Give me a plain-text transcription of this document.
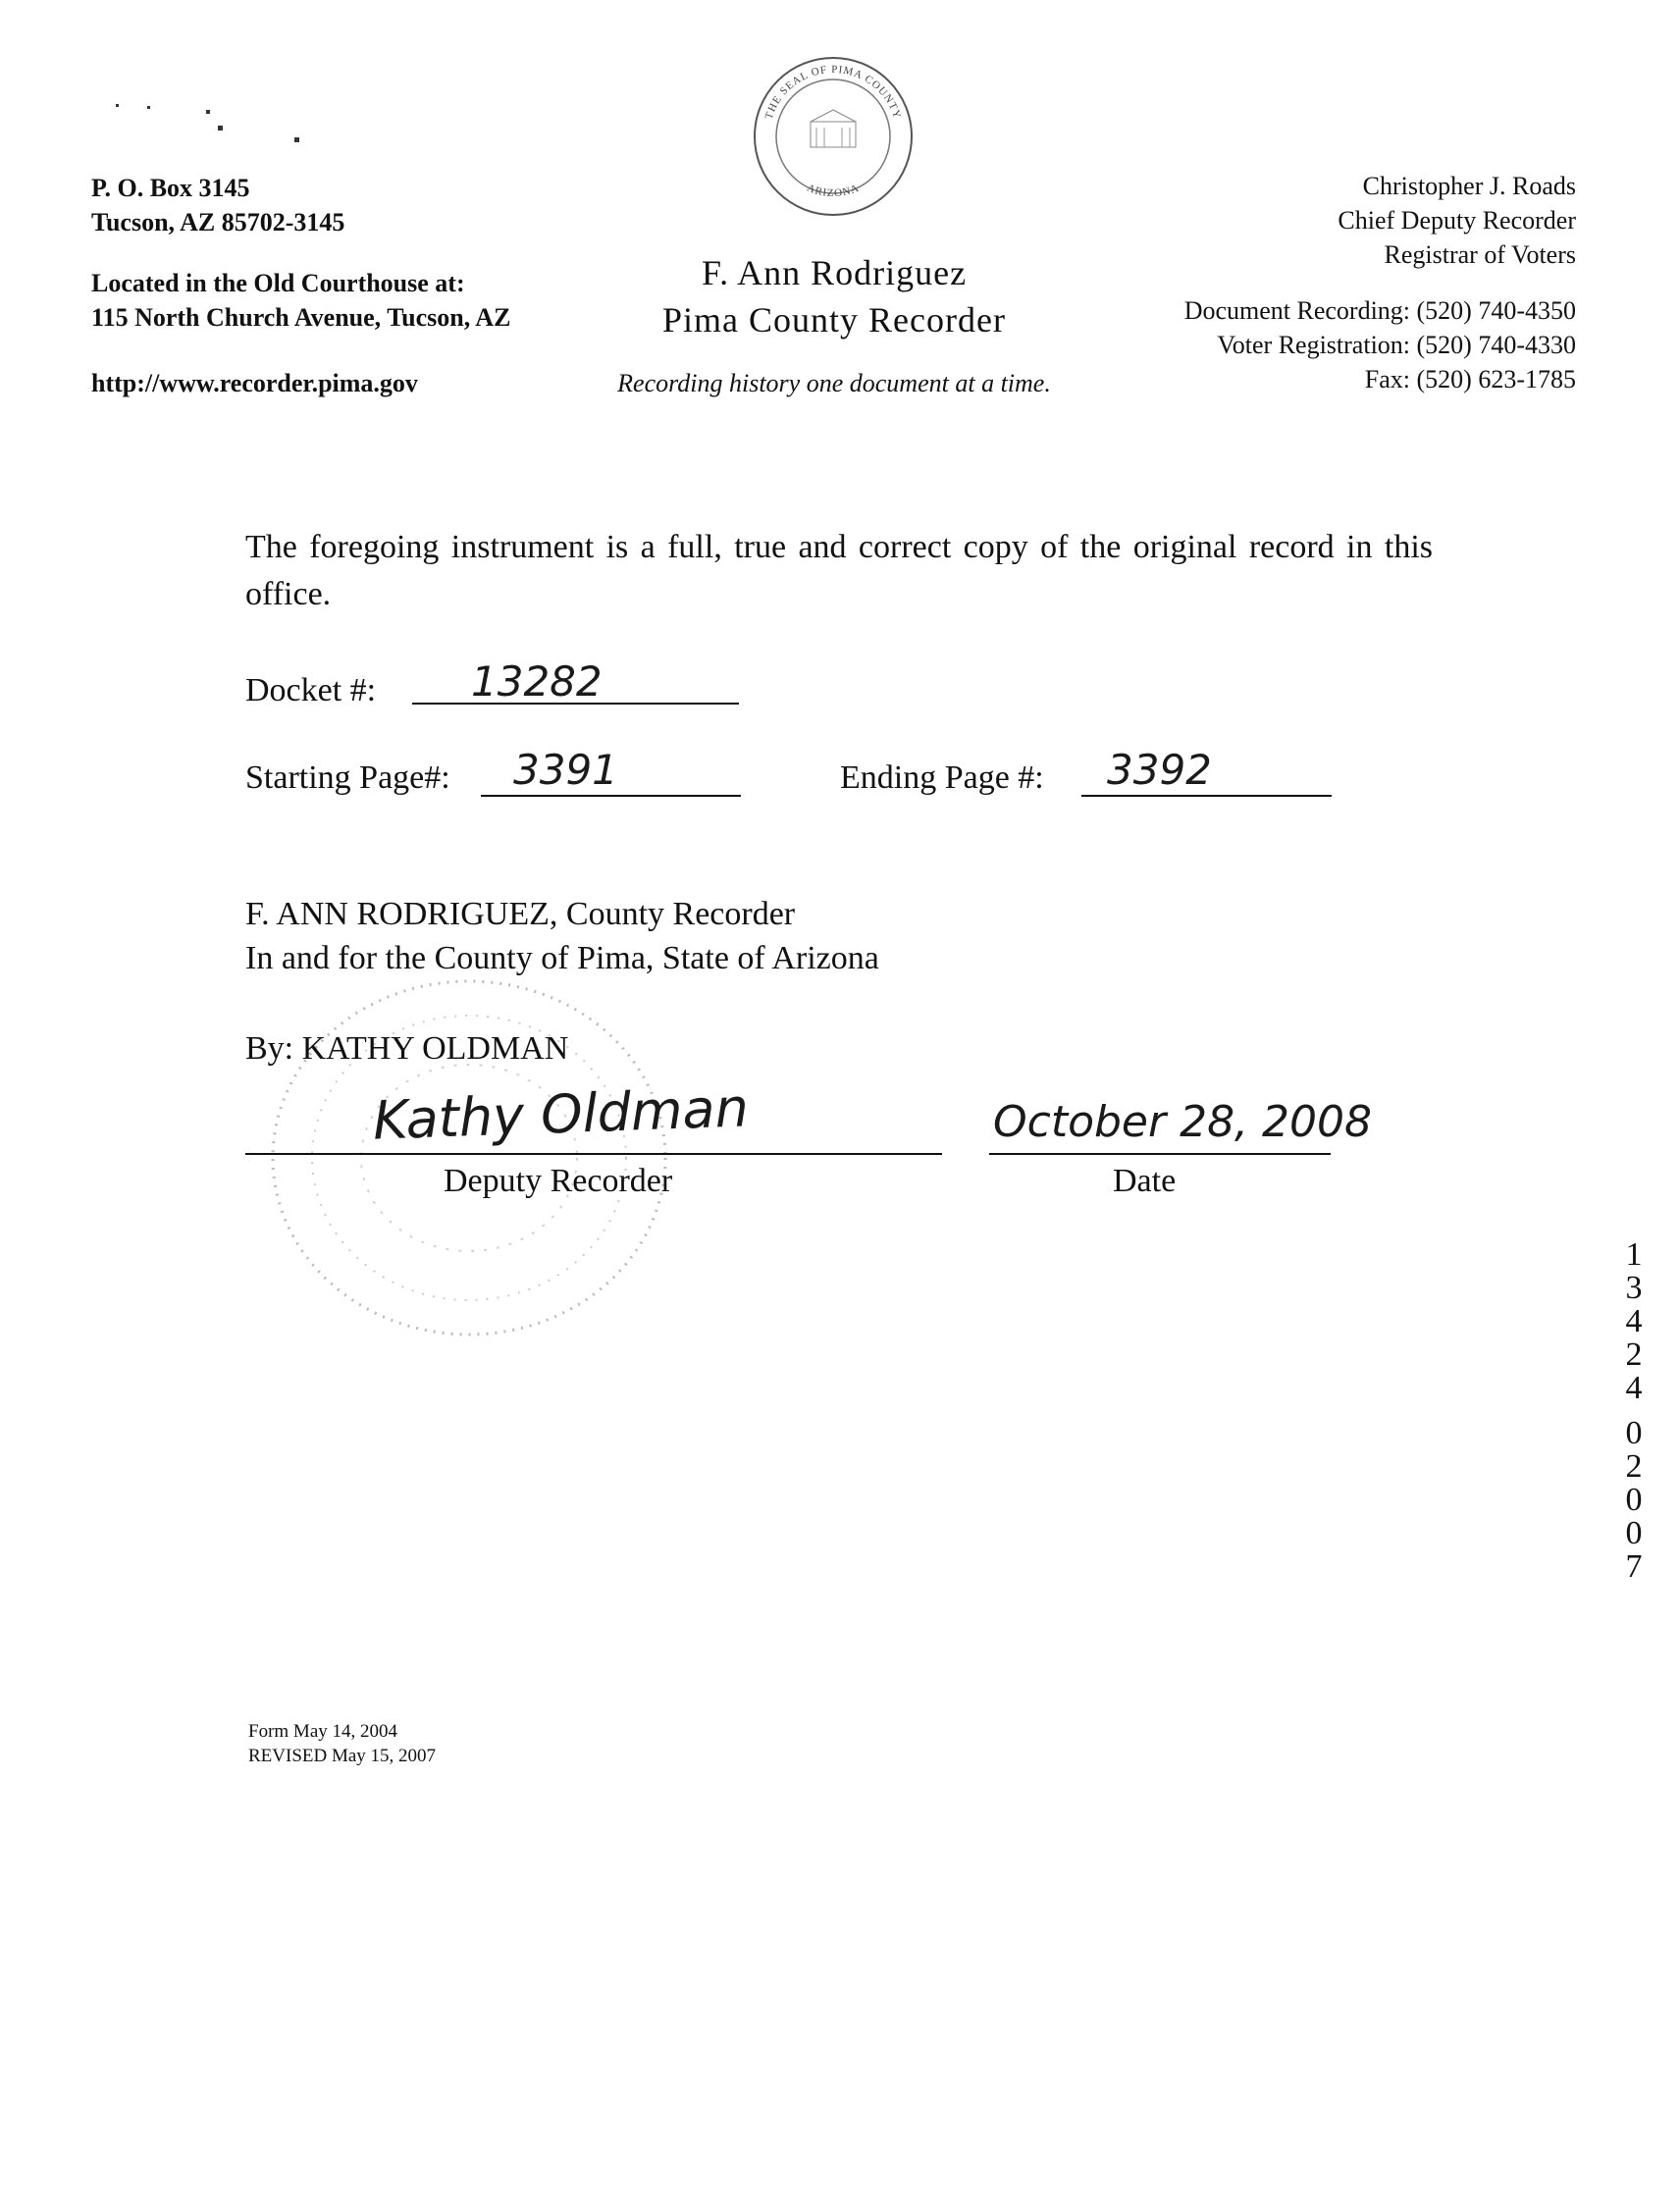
P. O. Box 3145
Tucson, AZ 85702-3145
Located in the Old Courthouse at:
115 North Church Avenue, Tucson, AZ
http://www.recorder.pima.gov
THE SEAL OF PIMA COUNTY
ARIZONA
F. Ann Rodriguez
Pima County Recorder
Recording history one document at a time.
Christopher J. Roads
Chief Deputy Recorder
Registrar of Voters
Document Recording: (520) 740-4350
Voter Registration: (520) 740-4330
Fax: (520) 623-1785
The foregoing instrument is a full, true and correct copy of the original record in this office.
Docket #: 13282
Starting Page#: 3391	Ending Page #: 3392
F. ANN RODRIGUEZ, County Recorder
In and for the County of Pima, State of Arizona
By: KATHY OLDMAN
Kathy Oldman	October 28, 2008
Deputy Recorder	Date
1
3
4
2
4
0
2
0
0
7
Form May 14, 2004
REVISED May 15, 2007
